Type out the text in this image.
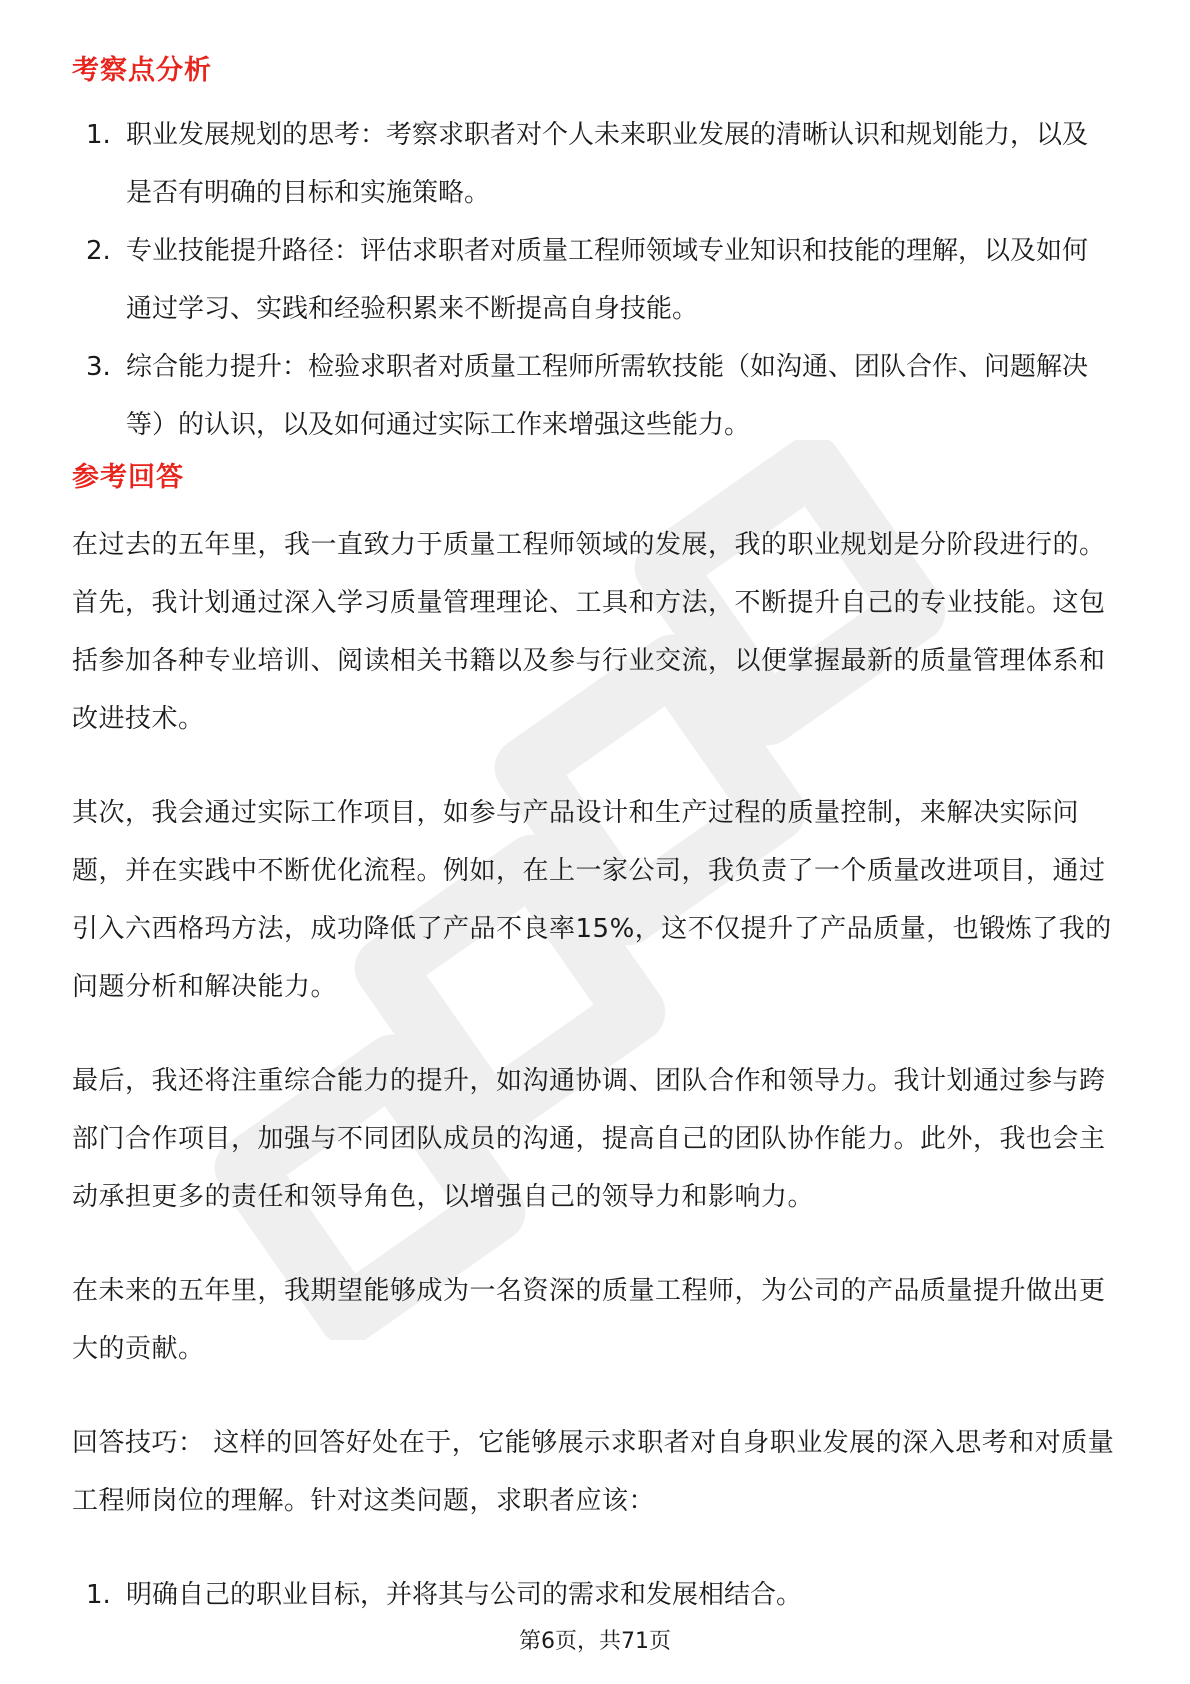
考察点分析
1. 职业发展规划的思考：考察求职者对个人未来职业发展的清晰认识和规划能力，以及是否有明确的目标和实施策略。
2. 专业技能提升路径：评估求职者对质量工程师领域专业知识和技能的理解，以及如何通过学习、实践和经验积累来不断提高自身技能。
3. 综合能力提升：检验求职者对质量工程师所需软技能（如沟通、团队合作、问题解决等）的认识，以及如何通过实际工作来增强这些能力。
参考回答

在过去的五年里，我一直致力于质量工程师领域的发展，我的职业规划是分阶段进行的。首先，我计划通过深入学习质量管理理论、工具和方法，不断提升自己的专业技能。这包括参加各种专业培训、阅读相关书籍以及参与行业交流，以便掌握最新的质量管理体系和改进技术。

其次，我会通过实际工作项目，如参与产品设计和生产过程的质量控制，来解决实际问题，并在实践中不断优化流程。例如，在上一家公司，我负责了一个质量改进项目，通过引入六西格玛方法，成功降低了产品不良率15%，这不仅提升了产品质量，也锻炼了我的问题分析和解决能力。

最后，我还将注重综合能力的提升，如沟通协调、团队合作和领导力。我计划通过参与跨部门合作项目，加强与不同团队成员的沟通，提高自己的团队协作能力。此外，我也会主动承担更多的责任和领导角色，以增强自己的领导力和影响力。

在未来的五年里，我期望能够成为一名资深的质量工程师，为公司的产品质量提升做出更大的贡献。

回答技巧： 这样的回答好处在于，它能够展示求职者对自身职业发展的深入思考和对质量工程师岗位的理解。针对这类问题，求职者应该：

1. 明确自己的职业目标，并将其与公司的需求和发展相结合。
第6页，共71页
